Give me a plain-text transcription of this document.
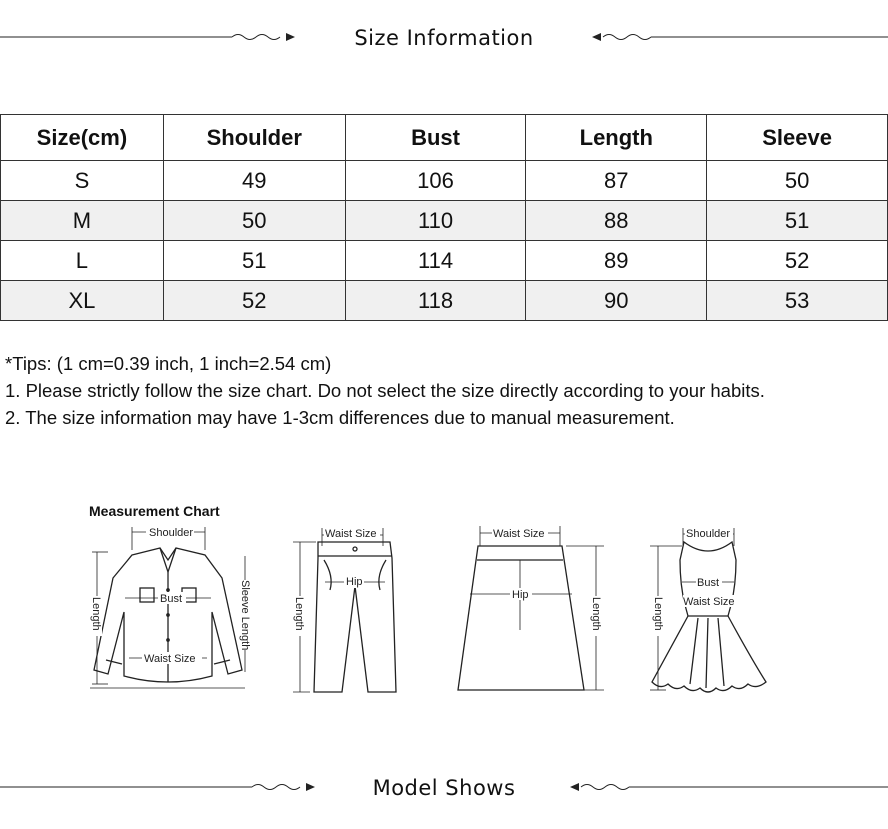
Size Information
Size(cm)	Shoulder	Bust	Length	Sleeve
S	49	106	87	50
M	50	110	88	51
L	51	114	89	52
XL	52	118	90	53
*Tips: (1 cm=0.39 inch, 1 inch=2.54 cm)
1. Please strictly follow the size chart. Do not select the size directly according to your habits.
2. The size information may have 1-3cm differences due to manual measurement.
Measurement Chart
Shoulder
Bust
Waist Size
Length	Sleeve Length
Waist Size
Hip
Length
Waist Size
Hip
Length
Shoulder
Bust
Waist Size
Length
Model Shows
